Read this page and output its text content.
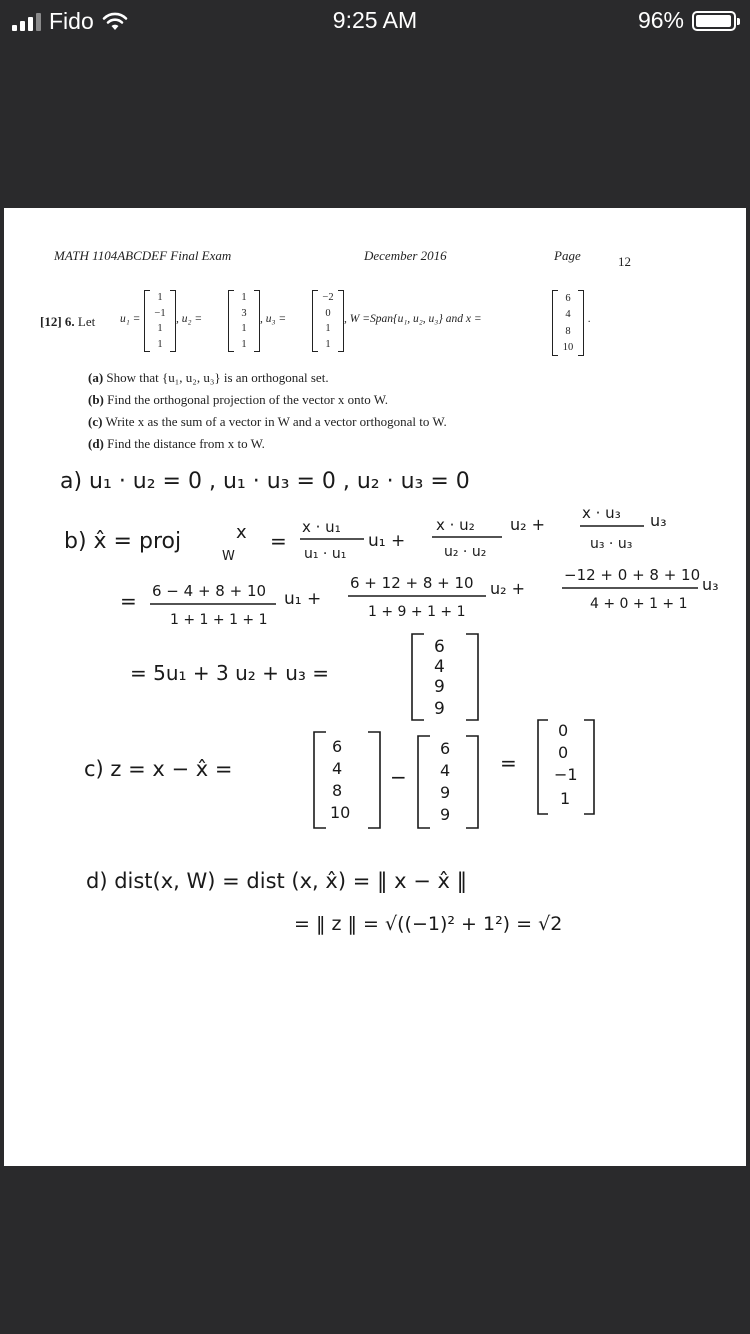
Fido	9:25 AM	96%
MATH 1104ABCDEF Final Exam	December 2016	Page	12
[12] 6. Let u₁ =
1
−1
1
1
, u₂ =
1
3
1
1
, u₃ =
−2
0
1
1
, W =Span{u₁, u₂, u₃} and x =
6
4
8
10
.
(a) Show that {u₁, u₂, u₃} is an orthogonal set.
(b) Find the orthogonal projection of the vector x onto W.
(c) Write x as the sum of a vector in W and a vector orthogonal to W.
(d) Find the distance from x to W.
a) u₁ · u₂ = 0 , u₁ · u₃ = 0 , u₂ · u₃ = 0
b) x̂ = proj
W
x =
x · u₁
u₁ · u₁
u₁ +
x · u₂
u₂ · u₂
u₂ +
x · u₃
u₃ · u₃
u₃
= 6 − 4 + 8 + 10
1 + 1 + 1 + 1
u₁ +
6 + 12 + 8 + 10
1 + 9 + 1 + 1
u₂ +
−12 + 0 + 8 + 10
4 + 0 + 1 + 1
u₃
= 5u₁ + 3 u₂ + u₃ =
6
4
9
9
c) z = x − x̂ =
6
4
8
10
−
6
4
9
9
=
0
0
−1
1
d) dist(x, W) = dist (x, x̂) = ‖ x − x̂ ‖
= ‖ z ‖ = √((−1)² + 1²) = √2
